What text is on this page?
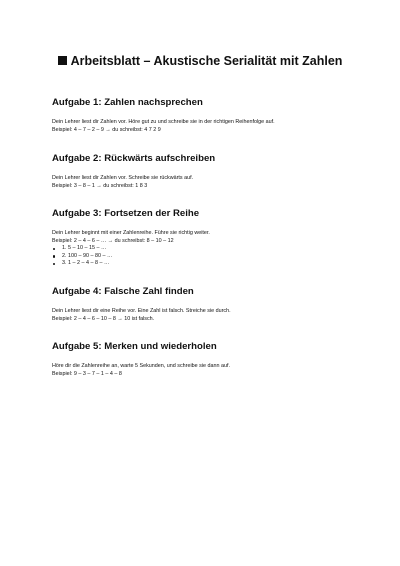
Arbeitsblatt – Akustische Serialität mit Zahlen
Aufgabe 1: Zahlen nachsprechen
Dein Lehrer liest dir Zahlen vor. Höre gut zu und schreibe sie in der richtigen Reihenfolge auf.
Beispiel: 4 – 7 – 2 – 9 → du schreibst: 4 7 2 9
Aufgabe 2: Rückwärts aufschreiben
Dein Lehrer liest dir Zahlen vor. Schreibe sie rückwärts auf.
Beispiel: 3 – 8 – 1 → du schreibst: 1 8 3
Aufgabe 3: Fortsetzen der Reihe
Dein Lehrer beginnt mit einer Zahlenreihe. Führe sie richtig weiter.
Beispiel: 2 – 4 – 6 – … → du schreibst: 8 – 10 – 12
1. 5 – 10 – 15 – …
2. 100 – 90 – 80 – …
3. 1 – 2 – 4 – 8 – …
Aufgabe 4: Falsche Zahl finden
Dein Lehrer liest dir eine Reihe vor. Eine Zahl ist falsch. Streiche sie durch.
Beispiel: 2 – 4 – 6 – 10 – 8 → 10 ist falsch.
Aufgabe 5: Merken und wiederholen
Höre dir die Zahlenreihe an, warte 5 Sekunden, und schreibe sie dann auf.
Beispiel: 9 – 3 – 7 – 1 – 4 – 8
